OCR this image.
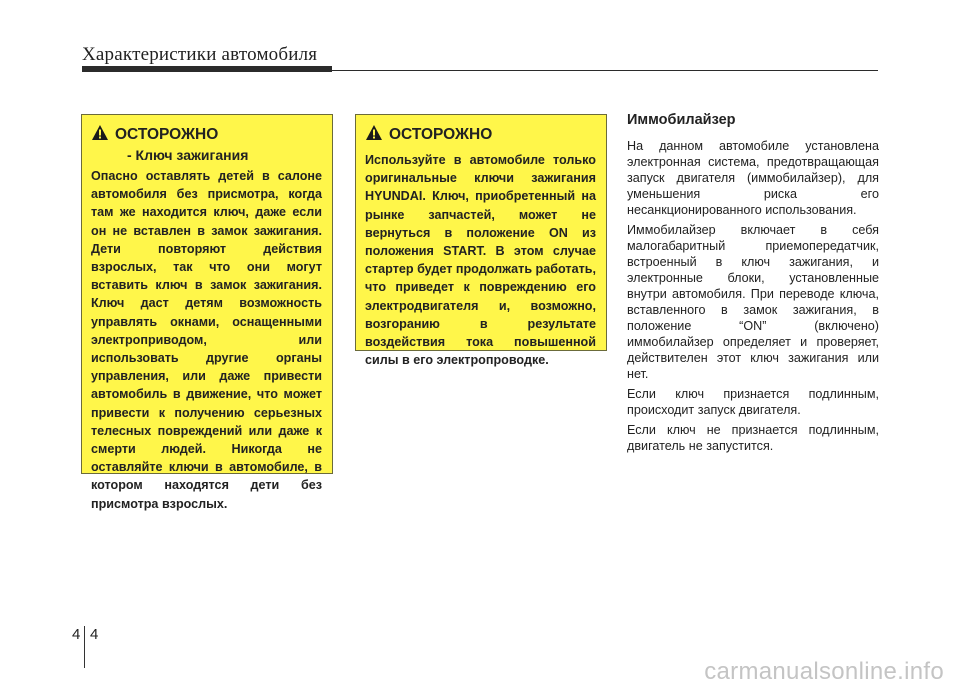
Характеристики автомобиля
ОСТОРОЖНО
- Ключ зажигания
Опасно оставлять детей в салоне автомобиля без присмотра, когда там же находится ключ, даже если он не вставлен в замок зажигания. Дети повторяют действия взрослых, так что они могут вставить ключ в замок зажигания. Ключ даст детям возможность управлять окнами, оснащенными электроприводом, или использовать другие органы управления, или даже привести автомобиль в движение, что может привести к получению серьезных телесных повреждений или даже к смерти людей. Никогда не оставляйте ключи в автомобиле, в котором находятся дети без присмотра взрослых.
ОСТОРОЖНО
Используйте в автомобиле только оригинальные ключи зажигания HYUNDAI. Ключ, приобретенный на рынке запчастей, может не вернуться в положение ON из положения START. В этом случае стартер будет продолжать работать, что приведет к повреждению его электродвигателя и, возможно, возгоранию в результате воздействия тока повышенной силы в его электропроводке.
Иммобилайзер

На данном автомобиле установлена электронная система, предотвращающая запуск двигателя (иммобилайзер), для уменьшения риска его несанкционированного использования.

Иммобилайзер включает в себя малогабаритный приемопередатчик, встроенный в ключ зажигания, и электронные блоки, установленные внутри автомобиля. При переводе ключа, вставленного в замок зажигания, в положение “ON” (включено) иммобилайзер определяет и проверяет, действителен этот ключ зажигания или нет.

Если ключ признается подлинным, происходит запуск двигателя.

Если ключ не признается подлинным, двигатель не запустится.

4 4
carmanualsonline.info
